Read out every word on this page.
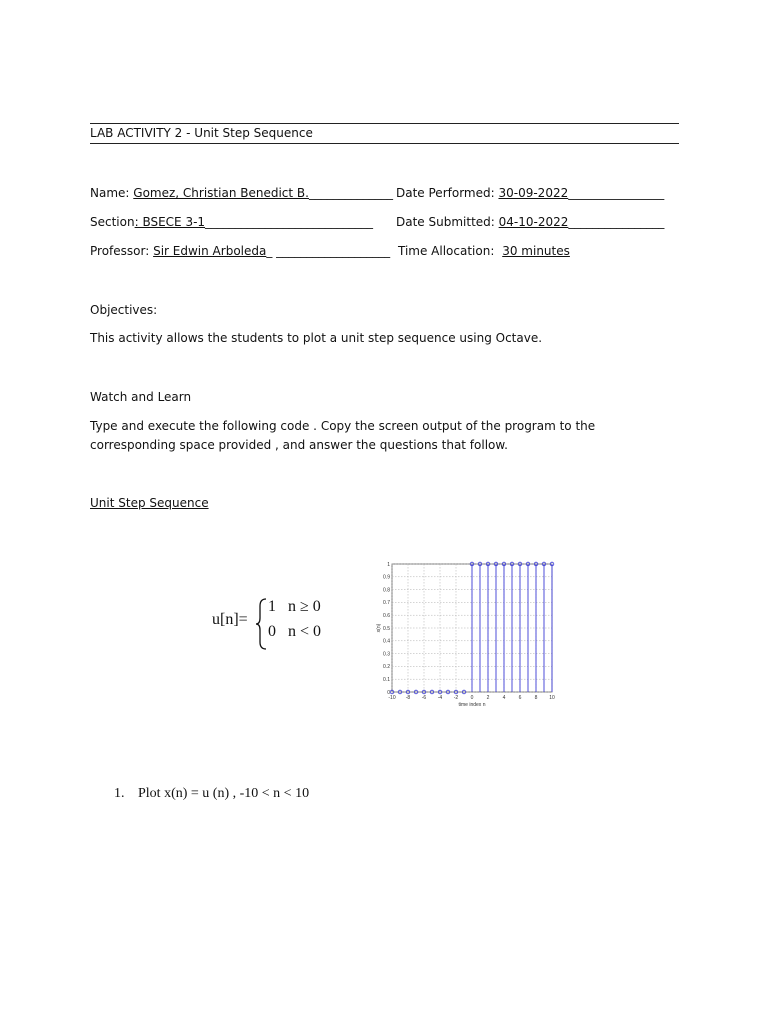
LAB ACTIVITY 2 - Unit Step Sequence
Name: Gomez, Christian Benedict B.______________ Date Performed: 30-09-2022________________
Section: BSECE 3-1____________________________ Date Submitted: 04-10-2022________________
Professor: Sir Edwin Arboleda_ ___________________ Time Allocation: 30 minutes
Objectives:
This activity allows the students to plot a unit step sequence using Octave.
Watch and Learn
Type and execute the following code . Copy the screen output of the program to the
corresponding space provided , and answer the questions that follow.
Unit Step Sequence
u[n]=
1 n ≥ 0
0 n < 0
-10 -8 -6 -4 -2 0	2	4	6	8 10
0
0.1
0.2
0.3
0.4
0.5
0.6
0.7
0.8
0.9
1
time index n
x(n)
1. Plot x(n) = u (n) , -10 < n < 10
